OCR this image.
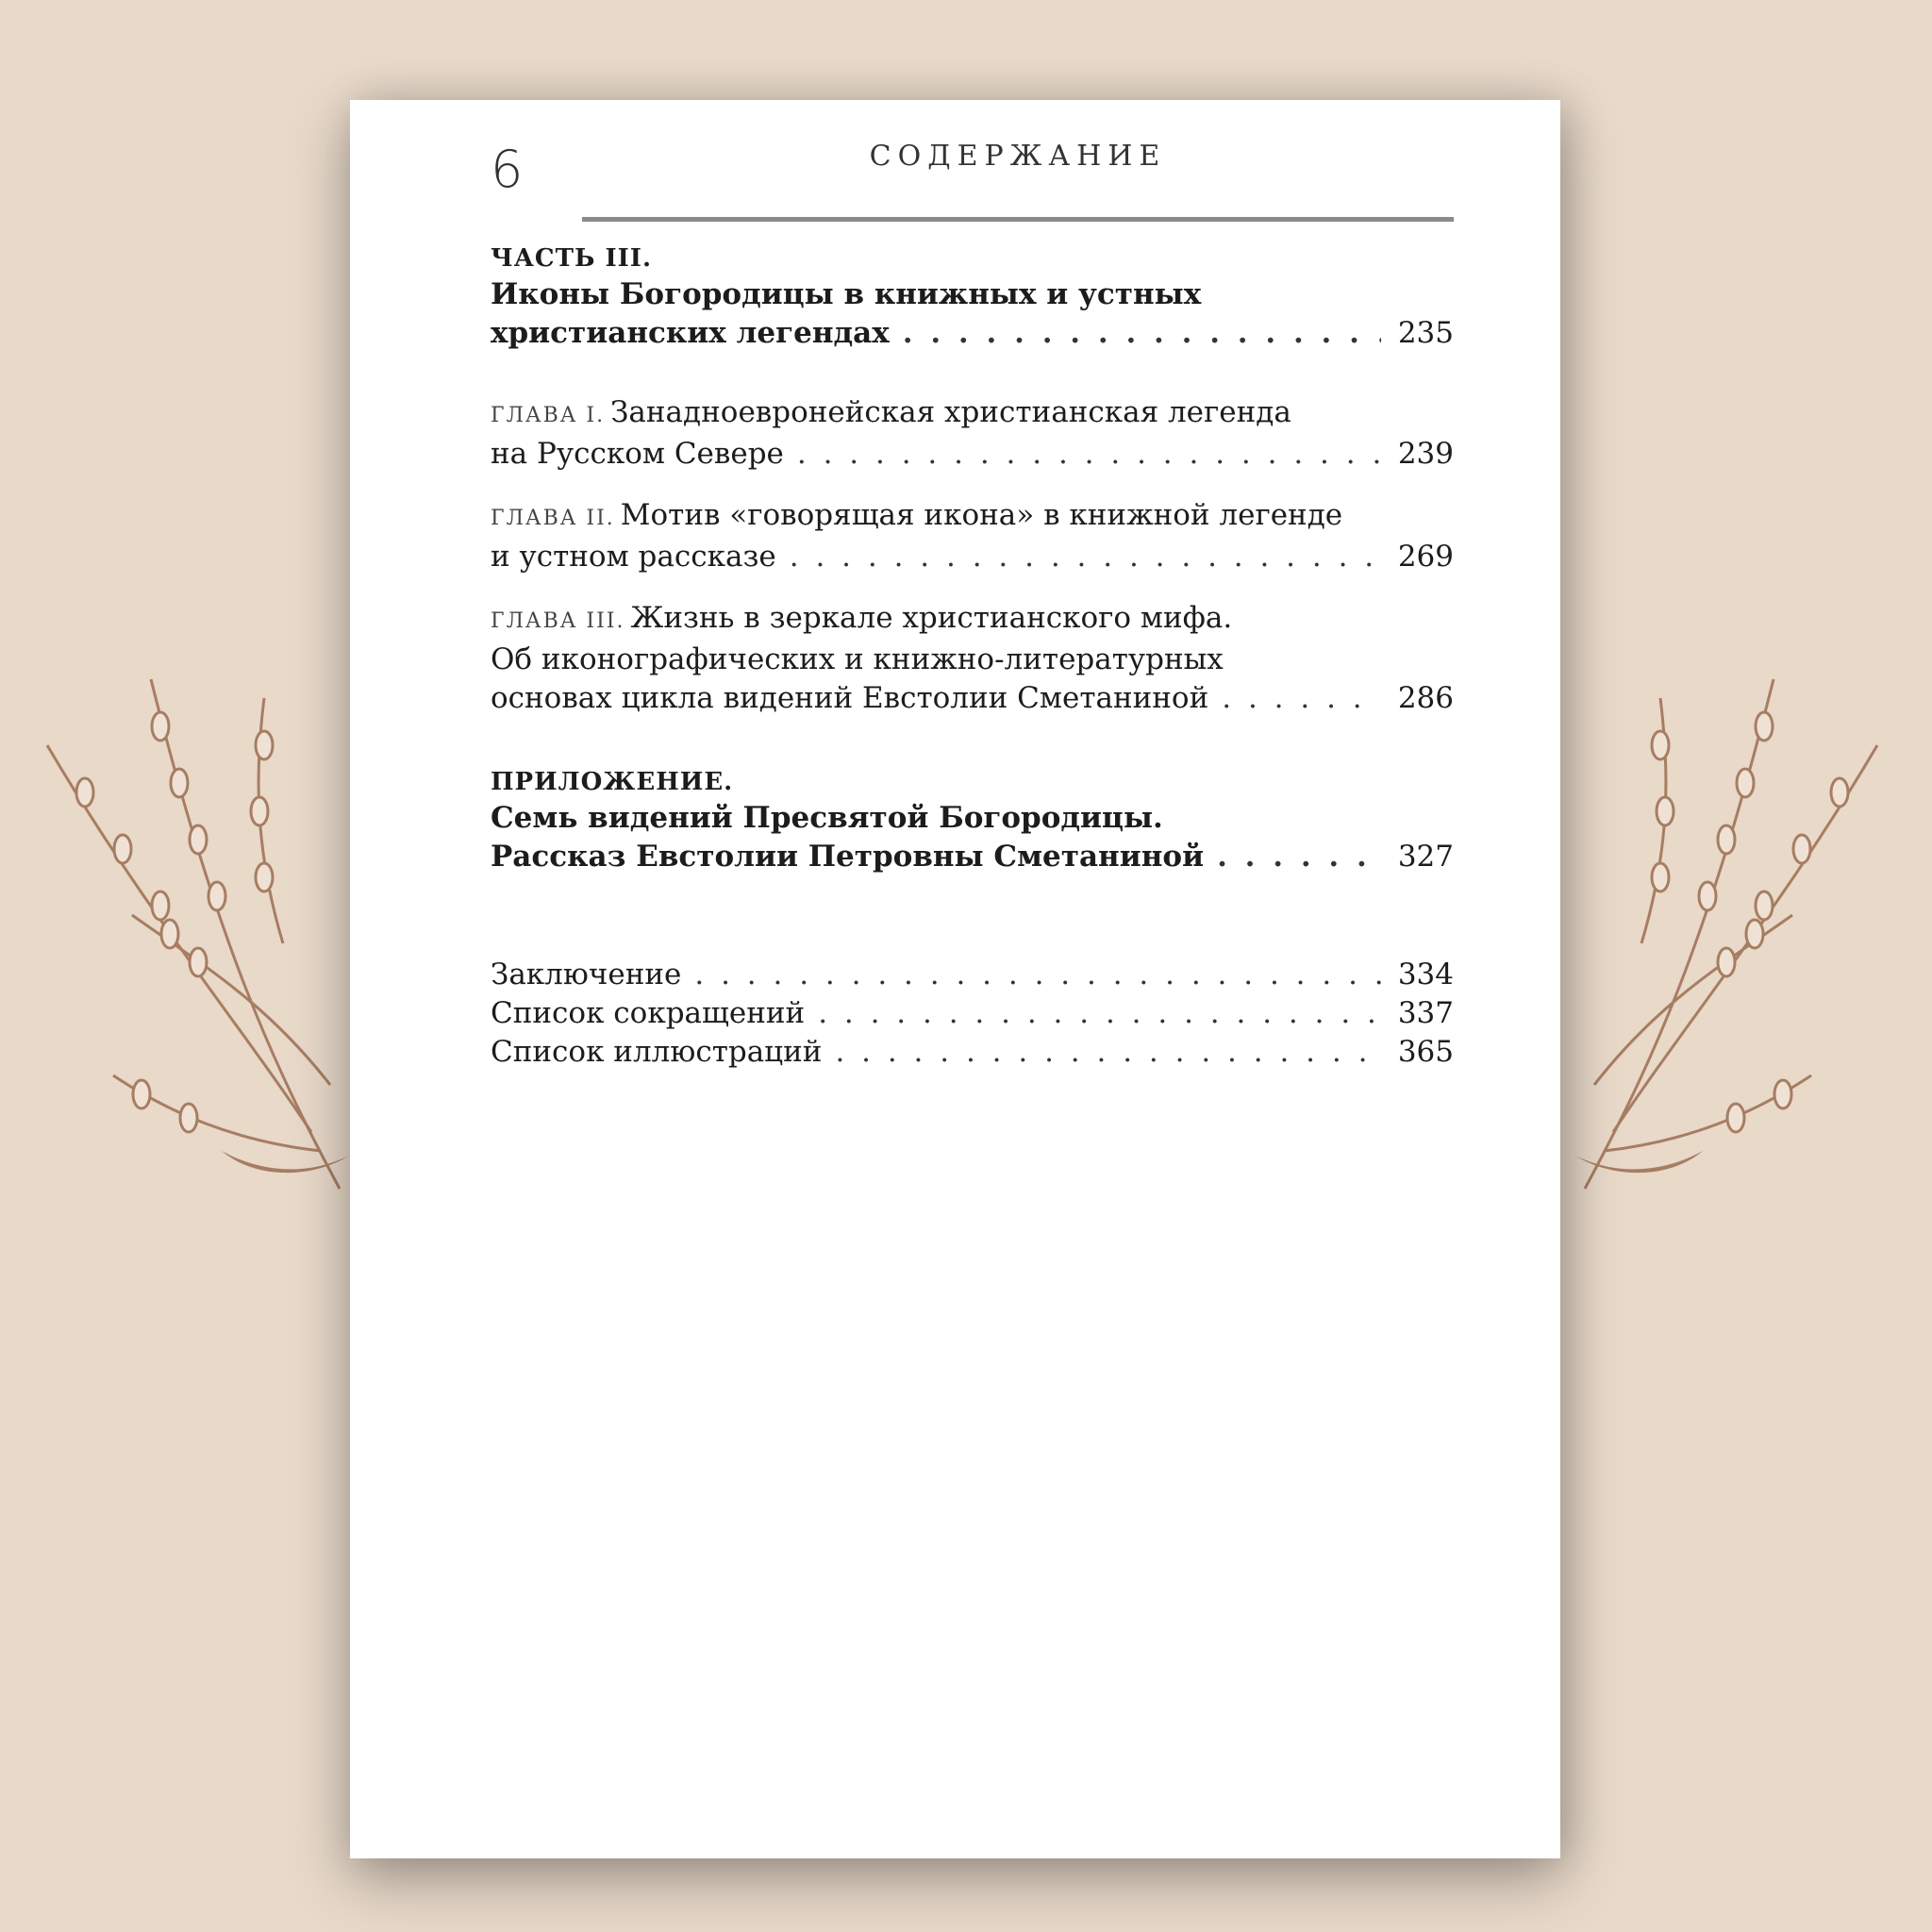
6	СОДЕРЖАНИЕ
ЧАСТЬ III.
Иконы Богородицы в книжных и устных
христианских легендах . . .	235
ГЛАВА I. Занадноевронейская христианская легенда
на Русском Севере . . .	239
ГЛАВА II. Мотив «говорящая икона» в книжной легенде
и устном рассказе . . .	269
ГЛАВА III. Жизнь в зеркале христианского мифа.
Об иконографических и книжно-литературных
основах цикла видений Евстолии Сметаниной . . .	286
ПРИЛОЖЕНИЕ.
Семь видений Пресвятой Богородицы.
Рассказ Евстолии Петровны Сметаниной . . .	327
Заключение . . .	334
Список сокращений . . .	337
Список иллюстраций . . .	365
